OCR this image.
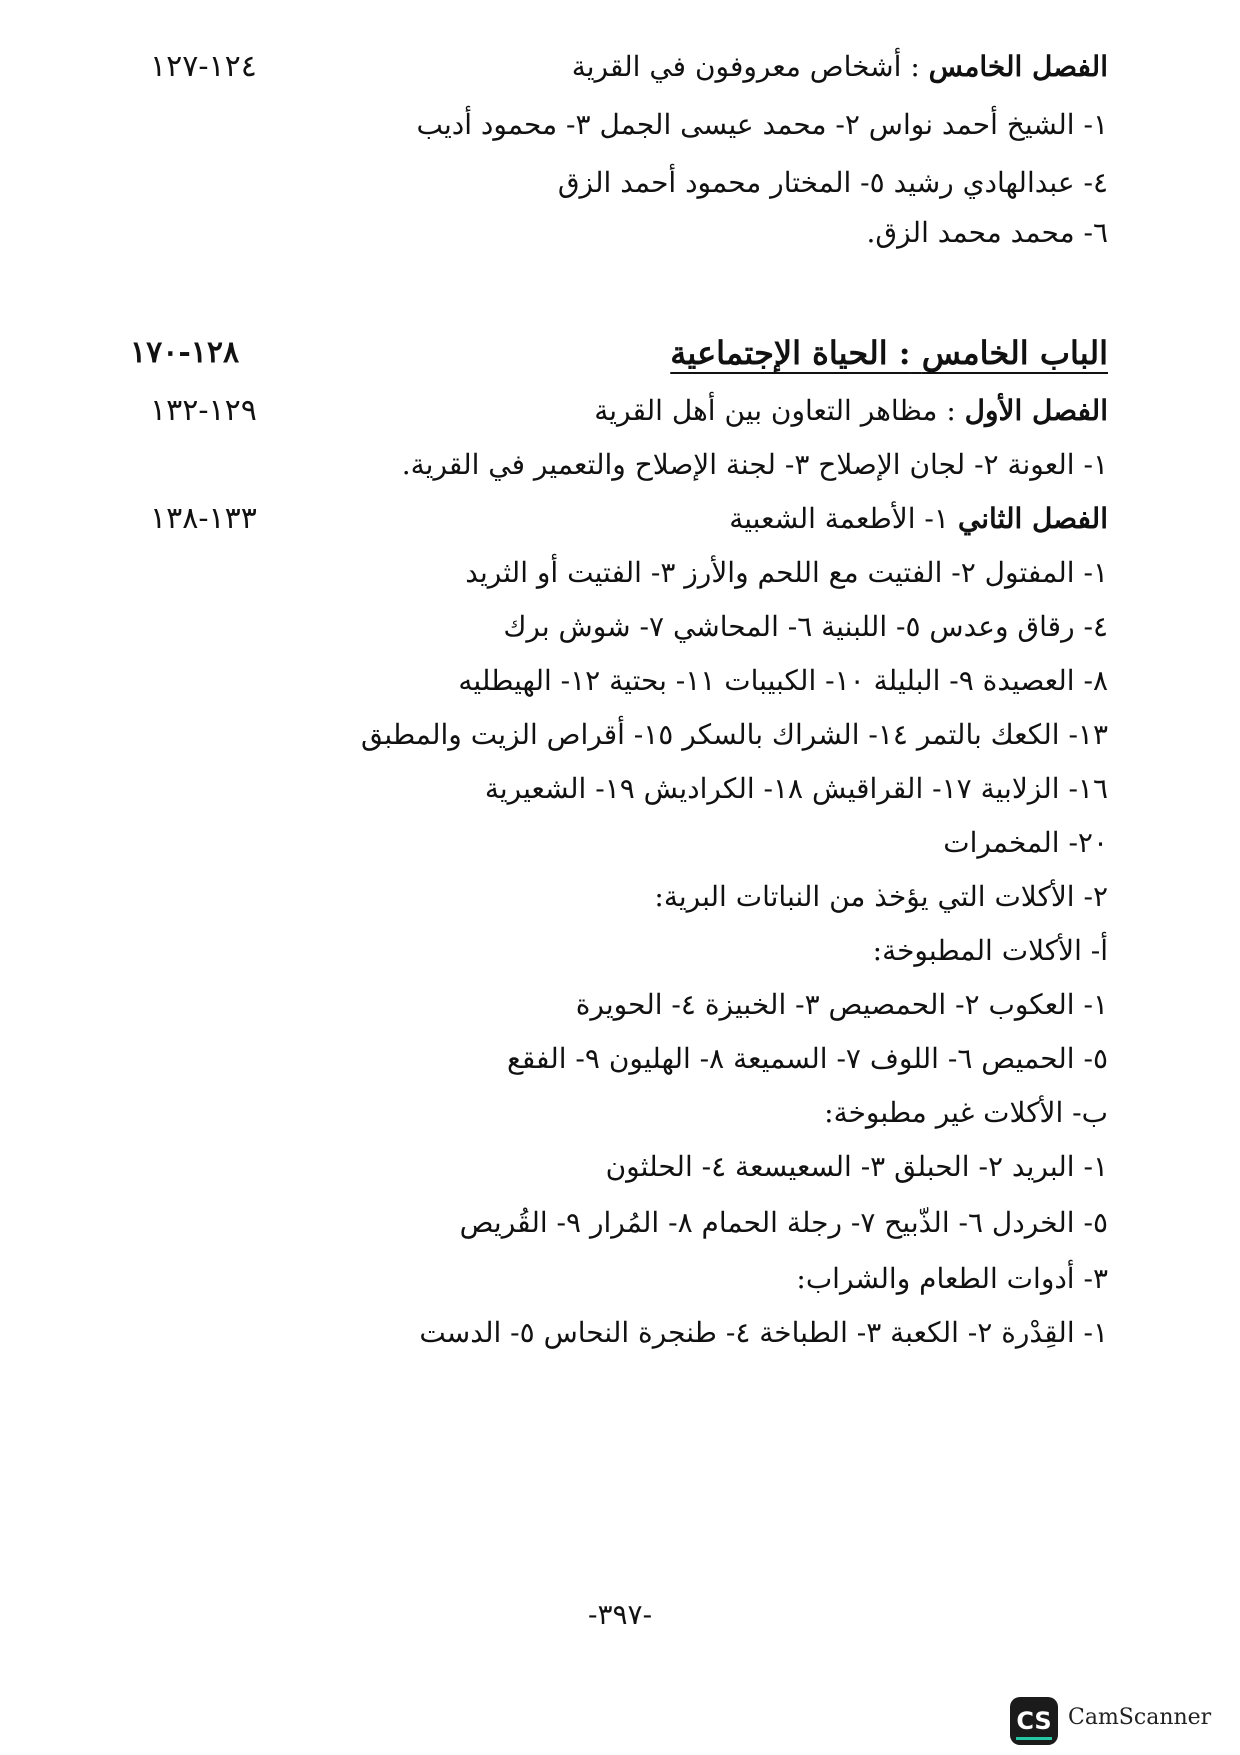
الفصل الخامس : أشخاص معروفون في القرية
١٢٤-١٢٧
١- الشيخ أحمد نواس ٢- محمد عيسى الجمل ٣- محمود أديب
٤- عبدالهادي رشيد ٥- المختار محمود أحمد الزق
٦- محمد محمد الزق.
الباب الخامس : الحياة الإجتماعية
١٢٨-١٧٠
الفصل الأول : مظاهر التعاون بين أهل القرية
١٢٩-١٣٢
١- العونة ٢- لجان الإصلاح ٣- لجنة الإصلاح والتعمير في القرية.
الفصل الثاني ١- الأطعمة الشعبية
١٣٣-١٣٨
١- المفتول ٢- الفتيت مع اللحم والأرز ٣- الفتيت أو الثريد
٤- رقاق وعدس ٥- اللبنية ٦- المحاشي ٧- شوش برك
٨- العصيدة ٩- البليلة ١٠- الكبيبات ١١- بحتية ١٢- الهيطليه
١٣- الكعك بالتمر ١٤- الشراك بالسكر ١٥- أقراص الزيت والمطبق
١٦- الزلابية ١٧- القراقيش ١٨- الكراديش ١٩- الشعيرية
٢٠- المخمرات
٢- الأكلات التي يؤخذ من النباتات البرية:
أ- الأكلات المطبوخة:
١- العكوب ٢- الحمصيص ٣- الخبيزة ٤- الحويرة
٥- الحميص ٦- اللوف ٧- السميعة ٨- الهليون ٩- الفقع
ب- الأكلات غير مطبوخة:
١- البريد ٢- الحبلق ٣- السعيسعة ٤- الحلثون
٥- الخردل ٦- الذّبيح ٧- رجلة الحمام ٨- المُرار ٩- القُريص
٣- أدوات الطعام والشراب:
١- القِدْرة ٢- الكعبة ٣- الطباخة ٤- طنجرة النحاس ٥- الدست
-٣٩٧-
CS CamScanner
